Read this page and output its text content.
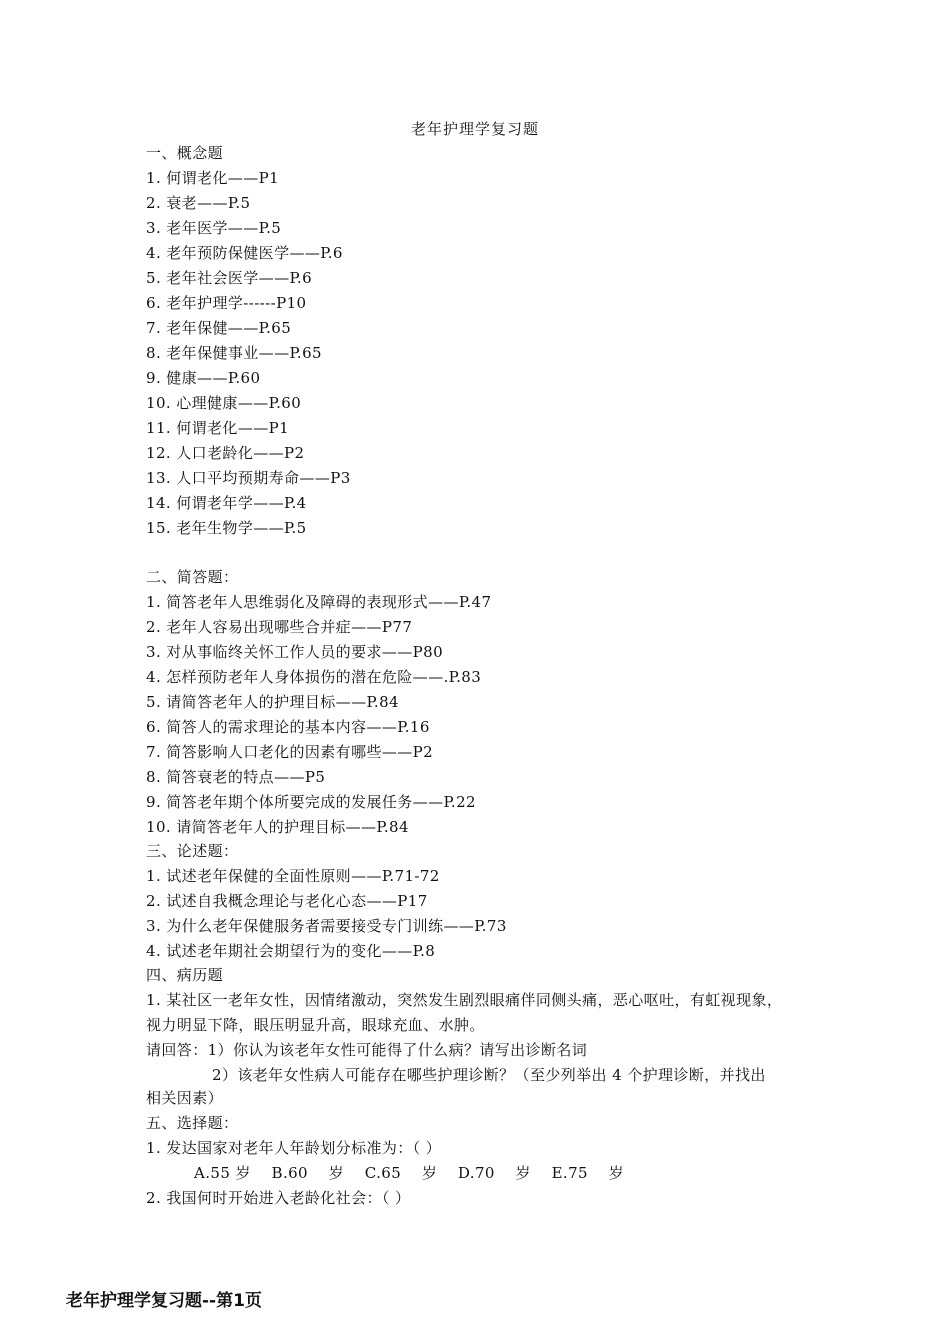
老年护理学复习题
一、概念题
1. 何谓老化——P1
2. 衰老——P.5
3. 老年医学——P.5
4. 老年预防保健医学——P.6
5. 老年社会医学——P.6
6. 老年护理学------P10
7. 老年保健——P.65
8. 老年保健事业——P.65
9. 健康——P.60
10. 心理健康——P.60
11. 何谓老化——P1
12. 人口老龄化——P2
13. 人口平均预期寿命——P3
14. 何谓老年学——P.4
15. 老年生物学——P.5
二、简答题：
1. 简答老年人思维弱化及障碍的表现形式——P.47
2. 老年人容易出现哪些合并症——P77
3. 对从事临终关怀工作人员的要求——P80
4. 怎样预防老年人身体损伤的潜在危险——.P.83
5. 请简答老年人的护理目标——P.84
6. 简答人的需求理论的基本内容——P.16
7. 简答影响人口老化的因素有哪些——P2
8. 简答衰老的特点——P5
9. 简答老年期个体所要完成的发展任务——P.22
10. 请简答老年人的护理目标——P.84
三、论述题：
1. 试述老年保健的全面性原则——P.71-72
2. 试述自我概念理论与老化心态——P17
3. 为什么老年保健服务者需要接受专门训练——P.73
4. 试述老年期社会期望行为的变化——P.8
四、病历题
1. 某社区一老年女性，因情绪激动，突然发生剧烈眼痛伴同侧头痛，恶心呕吐，有虹视现象，
视力明显下降，眼压明显升高，眼球充血、水肿。
请回答：1）你认为该老年女性可能得了什么病？请写出诊断名词
2）该老年女性病人可能存在哪些护理诊断？（至少列举出 4 个护理诊断，并找出
相关因素）
五、选择题：
1. 发达国家对老年人年龄划分标准为：（ ）
A.55 岁    B.60    岁    C.65    岁    D.70    岁    E.75    岁
2. 我国何时开始进入老龄化社会：（ ）
老年护理学复习题--第1页
